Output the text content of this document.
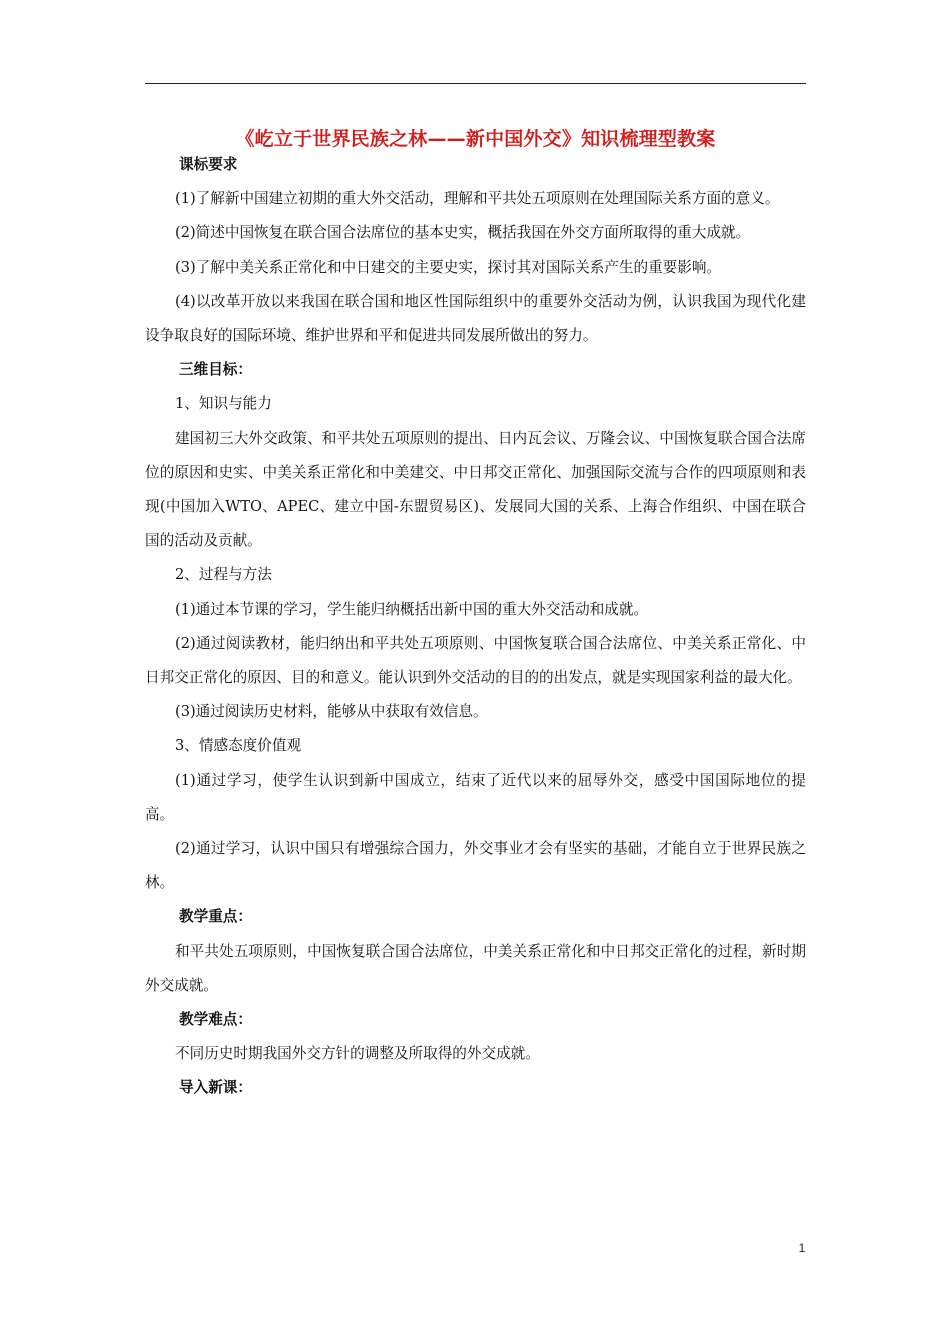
《屹立于世界民族之林——新中国外交》知识梳理型教案

课标要求

(1)了解新中国建立初期的重大外交活动，理解和平共处五项原则在处理国际关系方面的意义。

(2)简述中国恢复在联合国合法席位的基本史实，概括我国在外交方面所取得的重大成就。

(3)了解中美关系正常化和中日建交的主要史实，探讨其对国际关系产生的重要影响。

(4)以改革开放以来我国在联合国和地区性国际组织中的重要外交活动为例，认识我国为现代化建设争取良好的国际环境、维护世界和平和促进共同发展所做出的努力。

三维目标：

1、知识与能力

建国初三大外交政策、和平共处五项原则的提出、日内瓦会议、万隆会议、中国恢复联合国合法席位的原因和史实、中美关系正常化和中美建交、中日邦交正常化、加强国际交流与合作的四项原则和表现(中国加入WTO、APEC、建立中国-东盟贸易区)、发展同大国的关系、上海合作组织、中国在联合国的活动及贡献。

2、过程与方法

(1)通过本节课的学习，学生能归纳概括出新中国的重大外交活动和成就。

(2)通过阅读教材，能归纳出和平共处五项原则、中国恢复联合国合法席位、中美关系正常化、中日邦交正常化的原因、目的和意义。能认识到外交活动的目的的出发点，就是实现国家利益的最大化。

(3)通过阅读历史材料，能够从中获取有效信息。

3、情感态度价值观

(1)通过学习，使学生认识到新中国成立，结束了近代以来的屈辱外交，感受中国国际地位的提高。

(2)通过学习，认识中国只有增强综合国力，外交事业才会有坚实的基础，才能自立于世界民族之林。

教学重点：

和平共处五项原则，中国恢复联合国合法席位，中美关系正常化和中日邦交正常化的过程，新时期外交成就。

教学难点：

不同历史时期我国外交方针的调整及所取得的外交成就。

导入新课：

1
